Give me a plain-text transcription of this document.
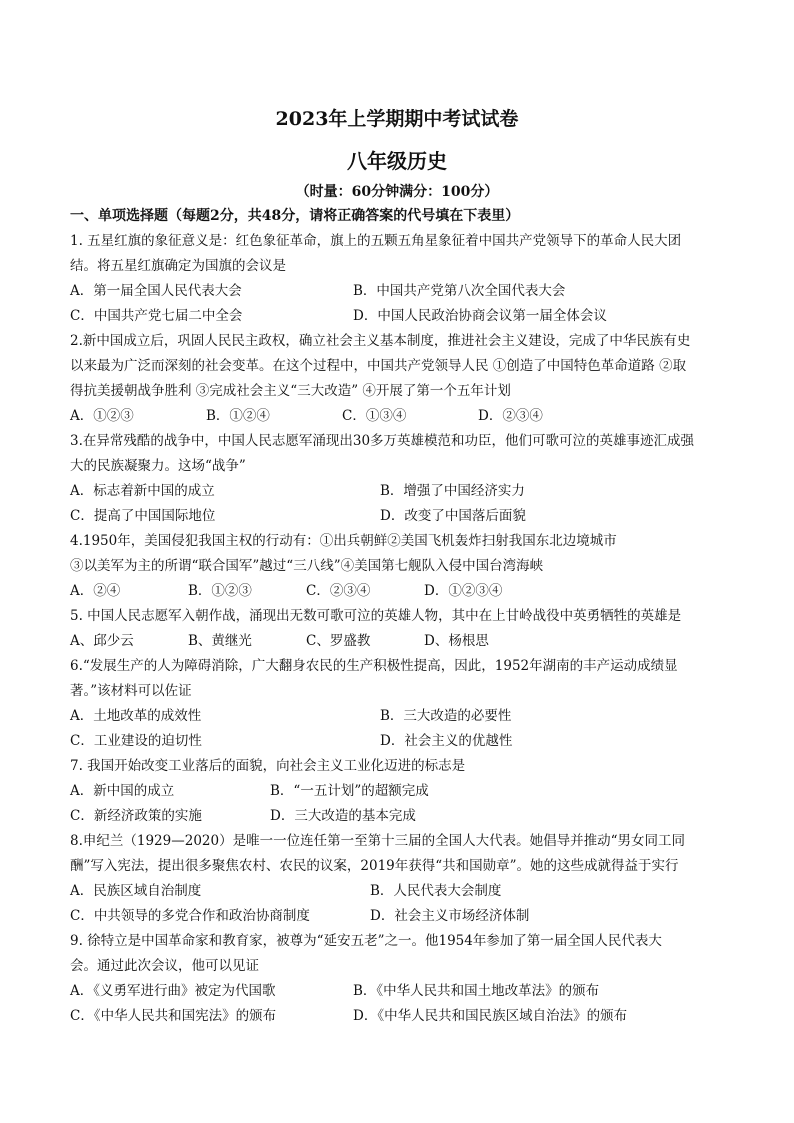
2023年上学期期中考试试卷
八年级历史
（时量：60分钟满分：100分）
一、单项选择题（每题2分，共48分，请将正确答案的代号填在下表里）
1. 五星红旗的象征意义是：红色象征革命，旗上的五颗五角星象征着中国共产党领导下的革命人民大团
结。将五星红旗确定为国旗的会议是
A．第一届全国人民代表大会	B．中国共产党第八次全国代表大会
C．中国共产党七届二中全会	D．中国人民政治协商会议第一届全体会议
2.新中国成立后，巩固人民民主政权，确立社会主义基本制度，推进社会主义建设，完成了中华民族有史
以来最为广泛而深刻的社会变革。在这个过程中，中国共产党领导人民 ①创造了中国特色革命道路 ②取
得抗美援朝战争胜利 ③完成社会主义“三大改造” ④开展了第一个五年计划
A．①②③	B．①②④	C．①③④	D．②③④
3.在异常残酷的战争中，中国人民志愿军涌现出30多万英雄模范和功臣，他们可歌可泣的英雄事迹汇成强
大的民族凝聚力。这场“战争”
A．标志着新中国的成立	B．增强了中国经济实力
C．提高了中国国际地位	D．改变了中国落后面貌
4.1950年，美国侵犯我国主权的行动有：①出兵朝鲜②美国飞机轰炸扫射我国东北边境城市
③以美军为主的所谓“联合国军”越过“三八线”④美国第七舰队入侵中国台湾海峡
A．②④	B．①②③	C．②③④	D．①②③④
5. 中国人民志愿军入朝作战，涌现出无数可歌可泣的英雄人物，其中在上甘岭战役中英勇牺牲的英雄是
A、邱少云	B、黄继光	C、罗盛教	D、杨根思
6.“发展生产的人为障碍消除，广大翻身农民的生产积极性提高，因此，1952年湖南的丰产运动成绩显
著。”该材料可以佐证
A．土地改革的成效性	B．三大改造的必要性
C．工业建设的迫切性	D．社会主义的优越性
7. 我国开始改变工业落后的面貌，向社会主义工业化迈进的标志是
A．新中国的成立	B．“一五计划”的超额完成
C．新经济政策的实施	D．三大改造的基本完成
8.申纪兰（1929—2020）是唯一一位连任第一至第十三届的全国人大代表。她倡导并推动“男女同工同
酬”写入宪法，提出很多聚焦农村、农民的议案，2019年获得“共和国勋章”。她的这些成就得益于实行
A．民族区域自治制度	B．人民代表大会制度
C．中共领导的多党合作和政治协商制度	D．社会主义市场经济体制
9. 徐特立是中国革命家和教育家，被尊为“延安五老”之一。他1954年参加了第一届全国人民代表大
会。通过此次会议，他可以见证
A．《义勇军进行曲》被定为代国歌	B．《中华人民共和国土地改革法》的颁布
C．《中华人民共和国宪法》的颁布	D．《中华人民共和国民族区域自治法》的颁布
